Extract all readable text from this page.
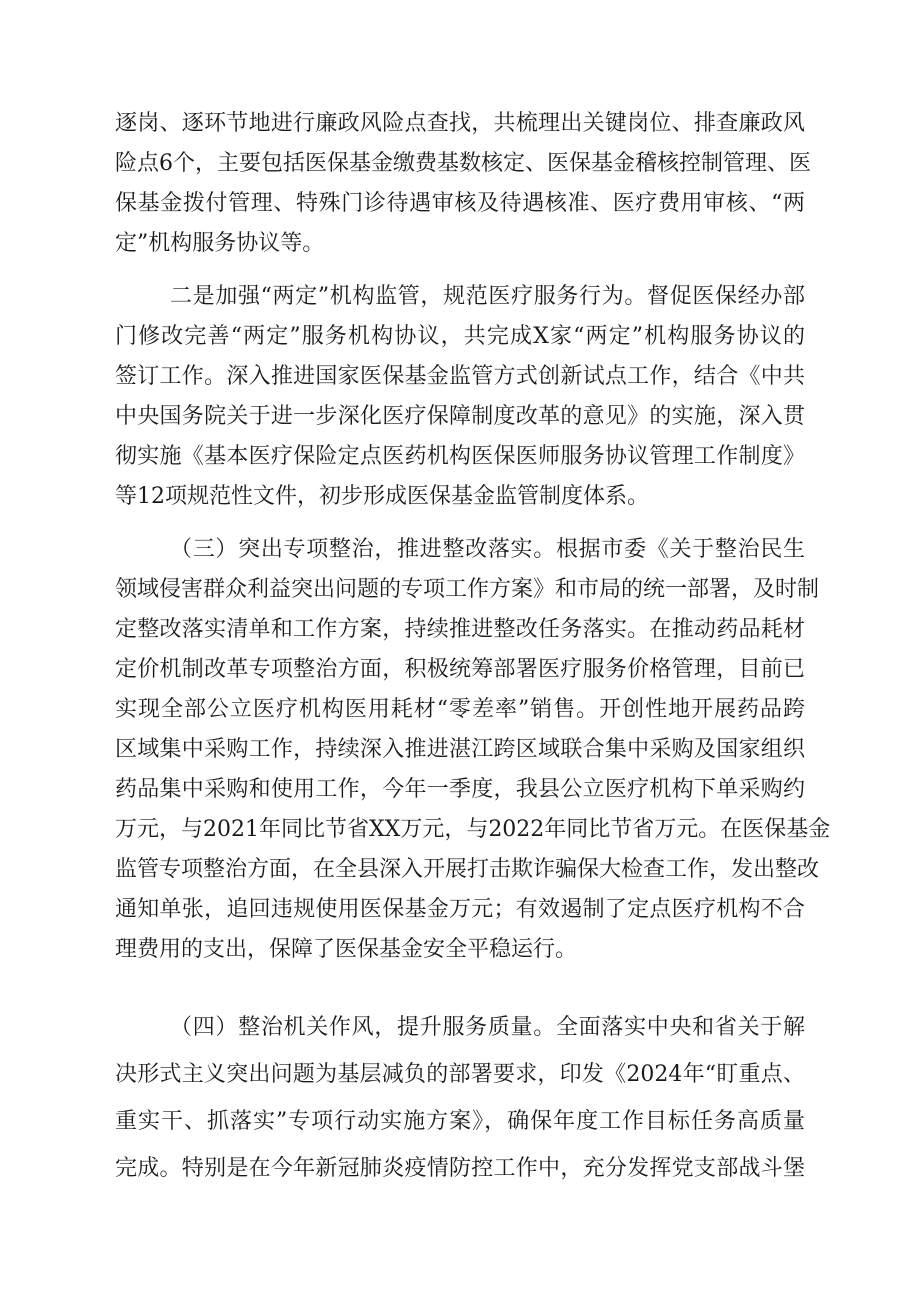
逐岗、逐环节地进行廉政风险点查找，共梳理出关键岗位、排查廉政风
险点6个，主要包括医保基金缴费基数核定、医保基金稽核控制管理、医
保基金拨付管理、特殊门诊待遇审核及待遇核准、医疗费用审核、“两
定”机构服务协议等。
二是加强“两定”机构监管，规范医疗服务行为。督促医保经办部
门修改完善“两定”服务机构协议，共完成X家“两定”机构服务协议的
签订工作。深入推进国家医保基金监管方式创新试点工作，结合《中共
中央国务院关于进一步深化医疗保障制度改革的意见》的实施，深入贯
彻实施《基本医疗保险定点医药机构医保医师服务协议管理工作制度》
等12项规范性文件，初步形成医保基金监管制度体系。
（三）突出专项整治，推进整改落实。根据市委《关于整治民生
领域侵害群众利益突出问题的专项工作方案》和市局的统一部署，及时制
定整改落实清单和工作方案，持续推进整改任务落实。在推动药品耗材
定价机制改革专项整治方面，积极统筹部署医疗服务价格管理，目前已
实现全部公立医疗机构医用耗材“零差率”销售。开创性地开展药品跨
区域集中采购工作，持续深入推进湛江跨区域联合集中采购及国家组织
药品集中采购和使用工作，今年一季度，我县公立医疗机构下单采购约
万元，与2021年同比节省XX万元，与2022年同比节省万元。在医保基金
监管专项整治方面，在全县深入开展打击欺诈骗保大检查工作，发出整改
通知单张，追回违规使用医保基金万元；有效遏制了定点医疗机构不合
理费用的支出，保障了医保基金安全平稳运行。
（四）整治机关作风，提升服务质量。全面落实中央和省关于解
决形式主义突出问题为基层减负的部署要求，印发《2024年“盯重点、
重实干、抓落实”专项行动实施方案》，确保年度工作目标任务高质量
完成。特别是在今年新冠肺炎疫情防控工作中，充分发挥党支部战斗堡
